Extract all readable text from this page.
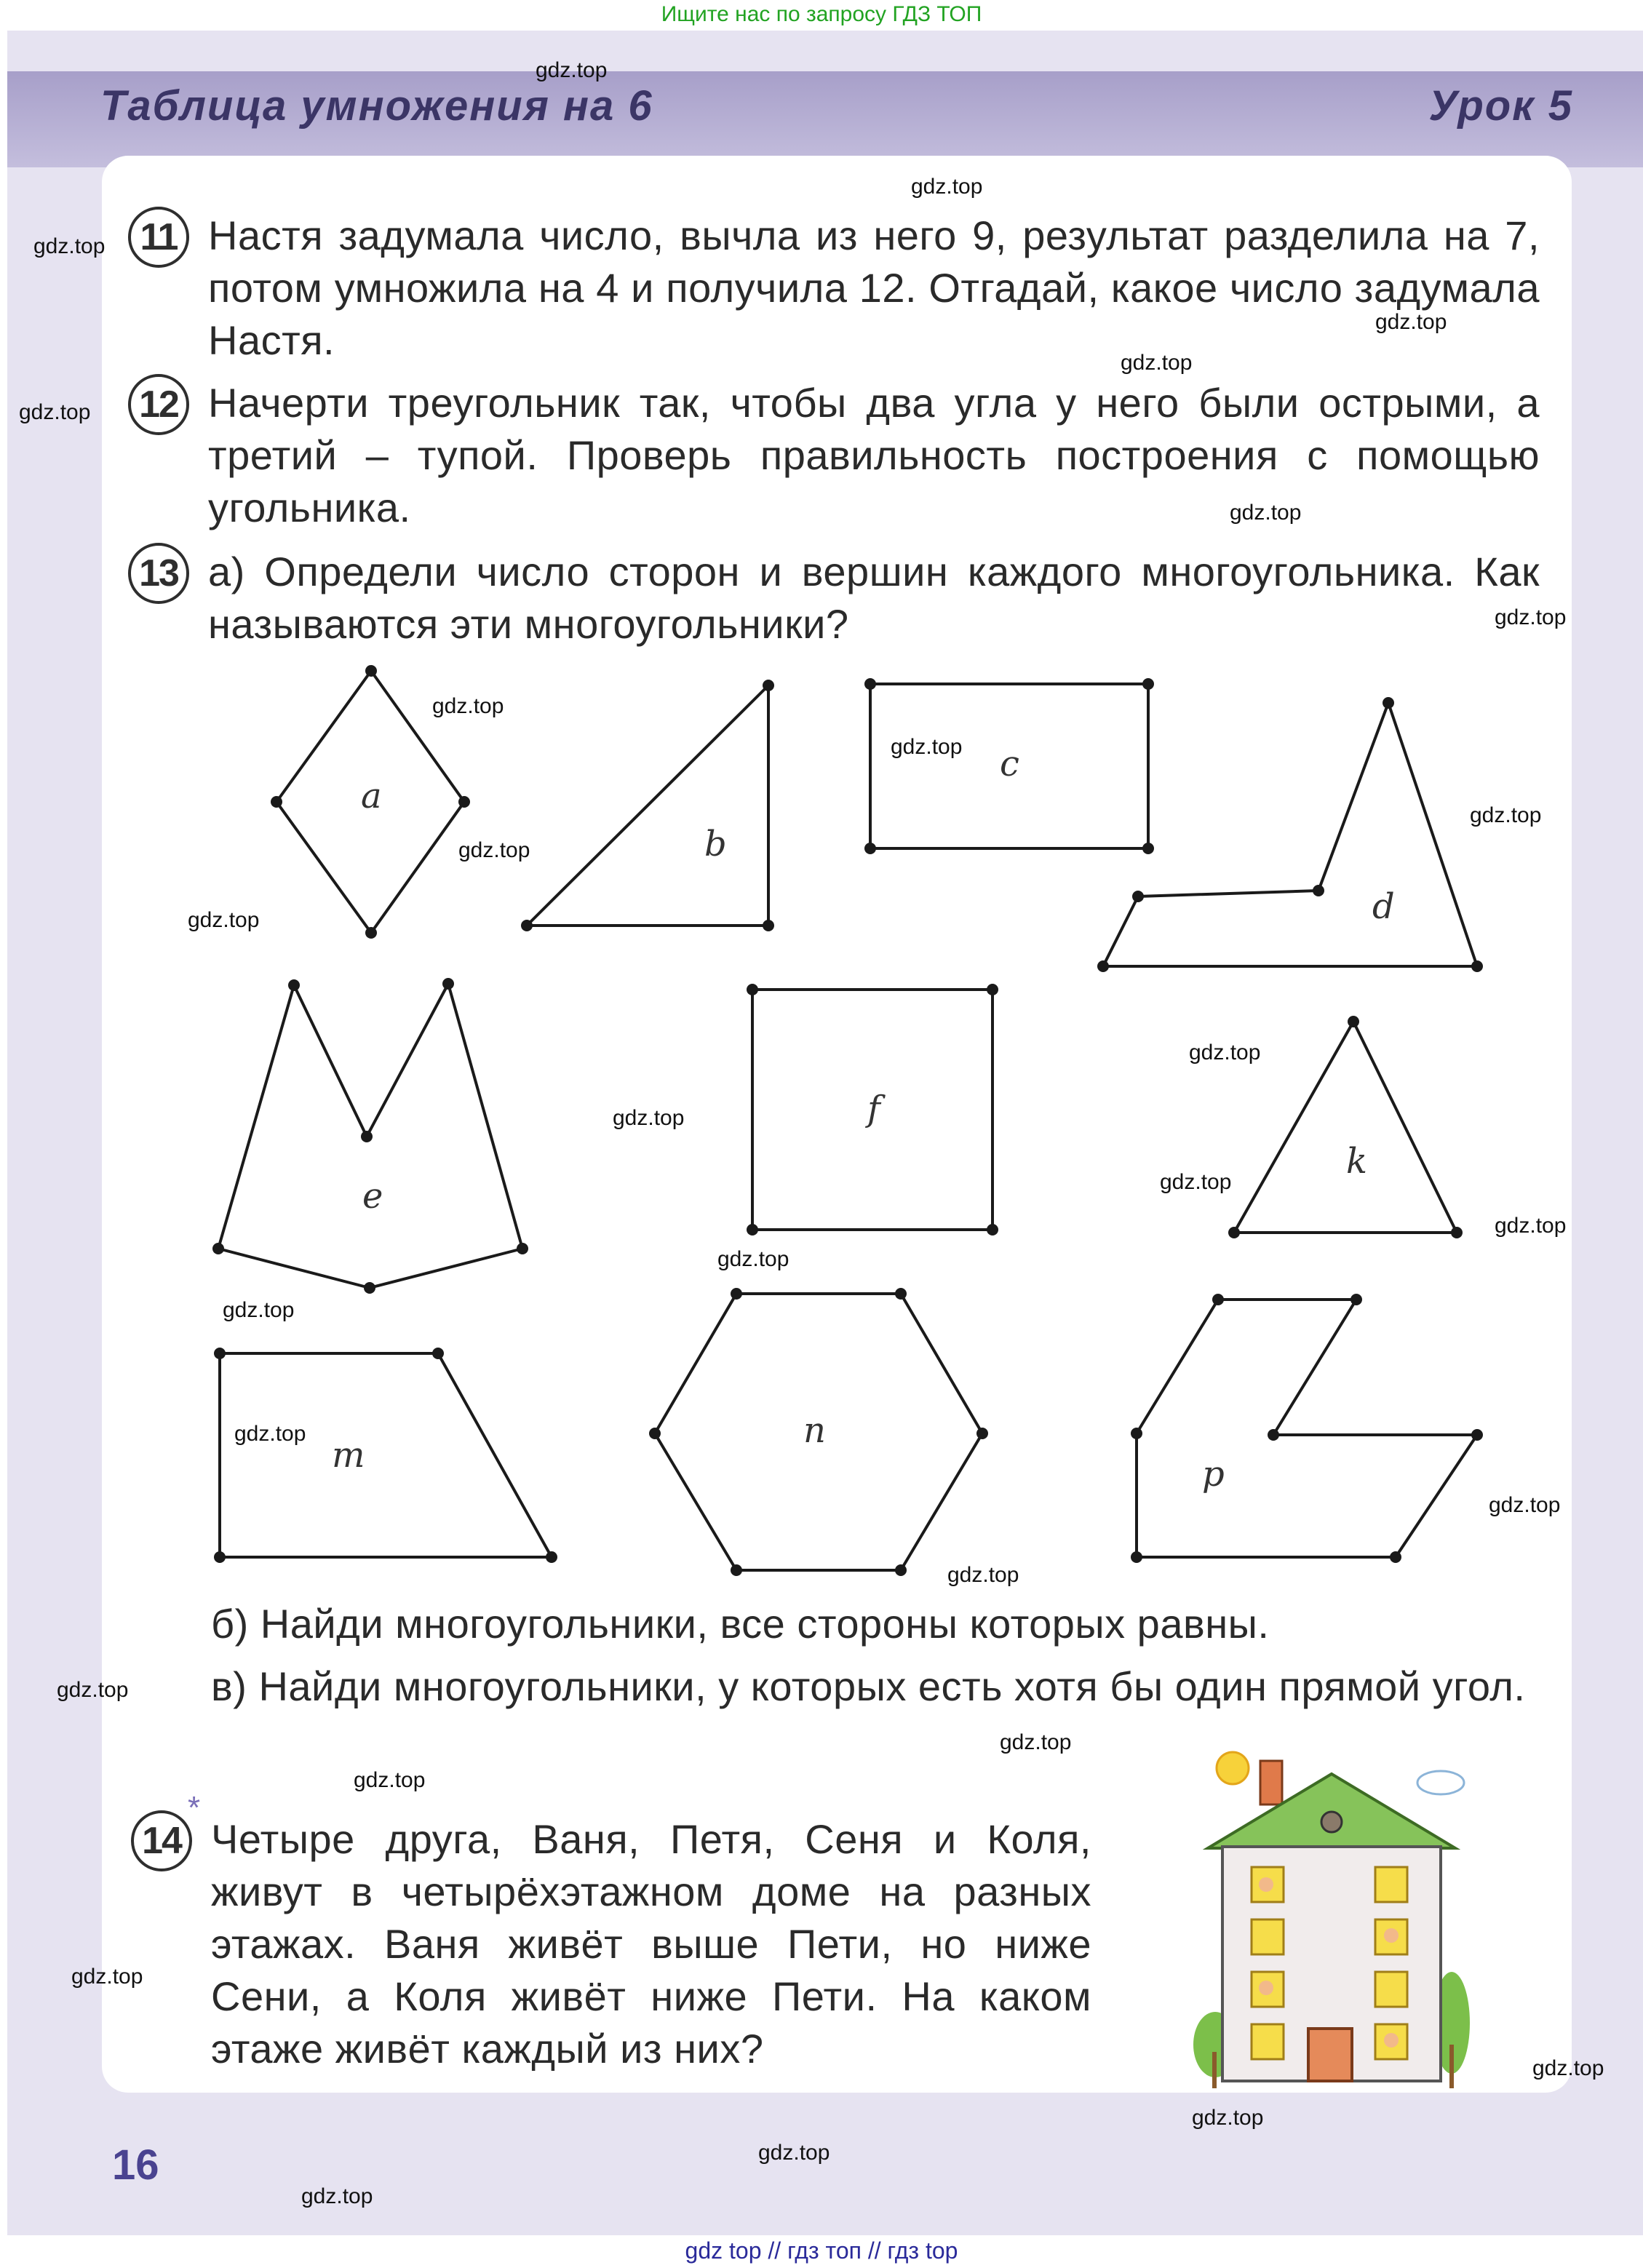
Ищите нас по запросу ГДЗ ТОП
Таблица умножения на 6	Урок 5
11 Настя задумала число, вычла из него 9, результат разделила на 7, потом умножила на 4 и получила 12. Отгадай, какое число задумала Настя.
12 Начерти треугольник так, чтобы два угла у него были острыми, а третий – тупой. Проверь правильность построения с помощью угольника.
13 а) Определи число сторон и вершин каждого многоугольника. Как называются эти многоугольники?
a
b
c
d
e
f
k
m
n
p
б) Найди многоугольники, все стороны которых равны.
в) Найди многоугольники, у которых есть хотя бы один прямой угол.
14
*
Четыре друга, Ваня, Петя, Сеня и Коля, живут в четырёхэтажном доме на разных этажах. Ваня живёт выше Пети, но ниже Сени, а Коля живёт ниже Пети. На каком этаже живёт каждый из них?
gdz.top
gdz.top
gdz.top
gdz.top
gdz.top
gdz.top
gdz.top
gdz.top
gdz.top
gdz.top
gdz.top
gdz.top
gdz.top
gdz.top
gdz.top
gdz.top
gdz.top
gdz.top
gdz.top
gdz.top
gdz.top
gdz.top
gdz.top
gdz.top
gdz.top
gdz.top
gdz.top
gdz.top
gdz.top
gdz.top
16
gdz top // гдз топ // гдз top
